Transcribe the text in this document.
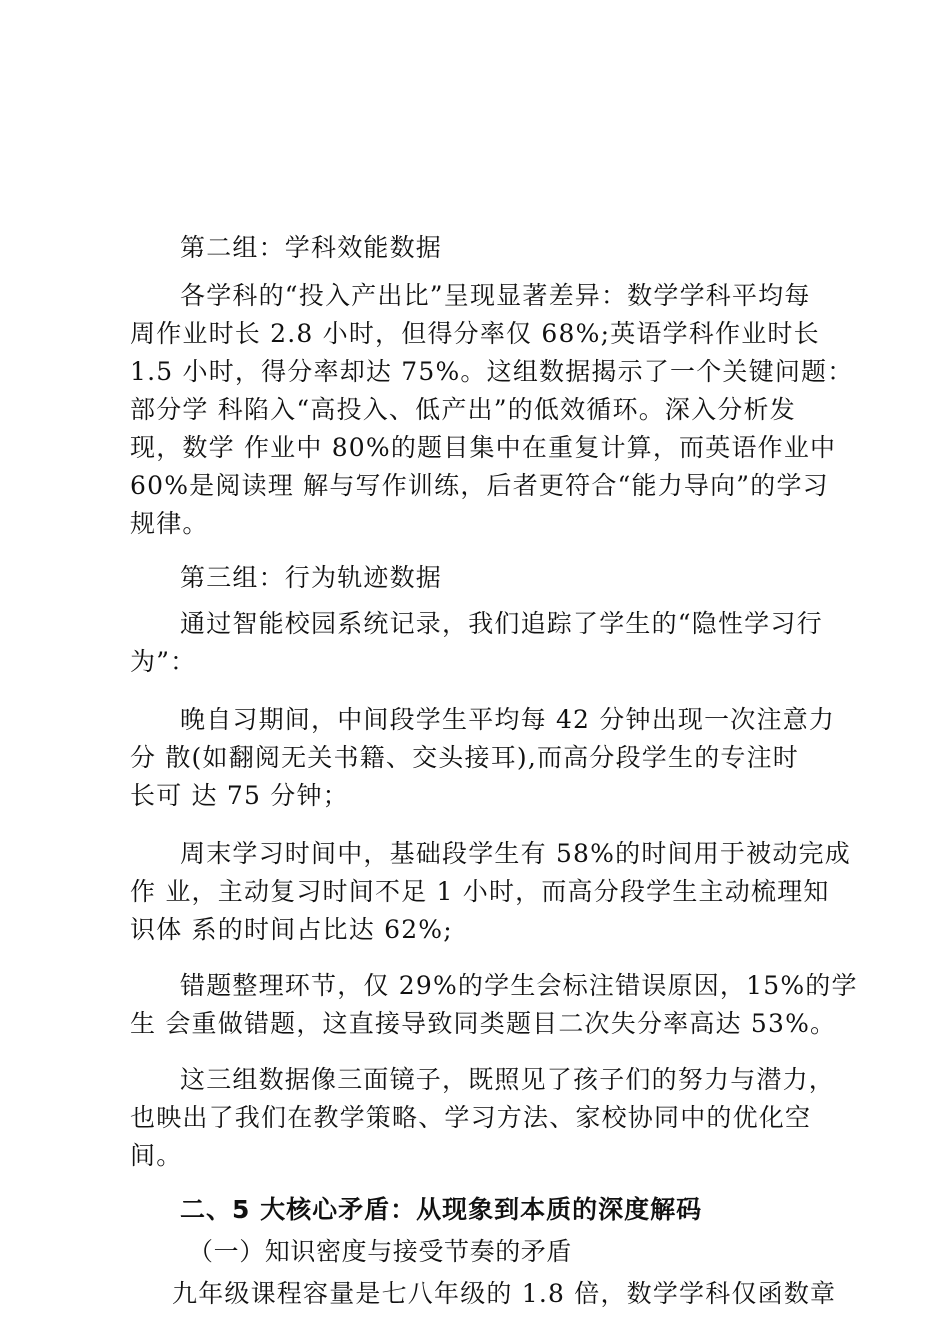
第二组：学科效能数据

各学科的“投入产出比”呈现显著差异：数学学科平均每

周作业时长 2.8 小时，但得分率仅 68%;英语学科作业时长

1.5 小时，得分率却达 75%。这组数据揭示了一个关键问题：

部分学 科陷入“高投入、低产出”的低效循环。深入分析发

现，数学 作业中 80%的题目集中在重复计算，而英语作业中

60%是阅读理 解与写作训练，后者更符合“能力导向”的学习

规律。

第三组：行为轨迹数据

通过智能校园系统记录，我们追踪了学生的“隐性学习行

为”：

晚自习期间，中间段学生平均每 42 分钟出现一次注意力

分 散(如翻阅无关书籍、交头接耳),而高分段学生的专注时

长可 达 75 分钟；

周末学习时间中，基础段学生有 58%的时间用于被动完成

作 业，主动复习时间不足 1 小时，而高分段学生主动梳理知

识体 系的时间占比达 62%;

错题整理环节，仅 29%的学生会标注错误原因，15%的学

生 会重做错题，这直接导致同类题目二次失分率高达 53%。

这三组数据像三面镜子，既照见了孩子们的努力与潜力，

也映出了我们在教学策略、学习方法、家校协同中的优化空

间。

二、5 大核心矛盾：从现象到本质的深度解码

（一）知识密度与接受节奏的矛盾

九年级课程容量是七八年级的 1.8 倍，数学学科仅函数章
